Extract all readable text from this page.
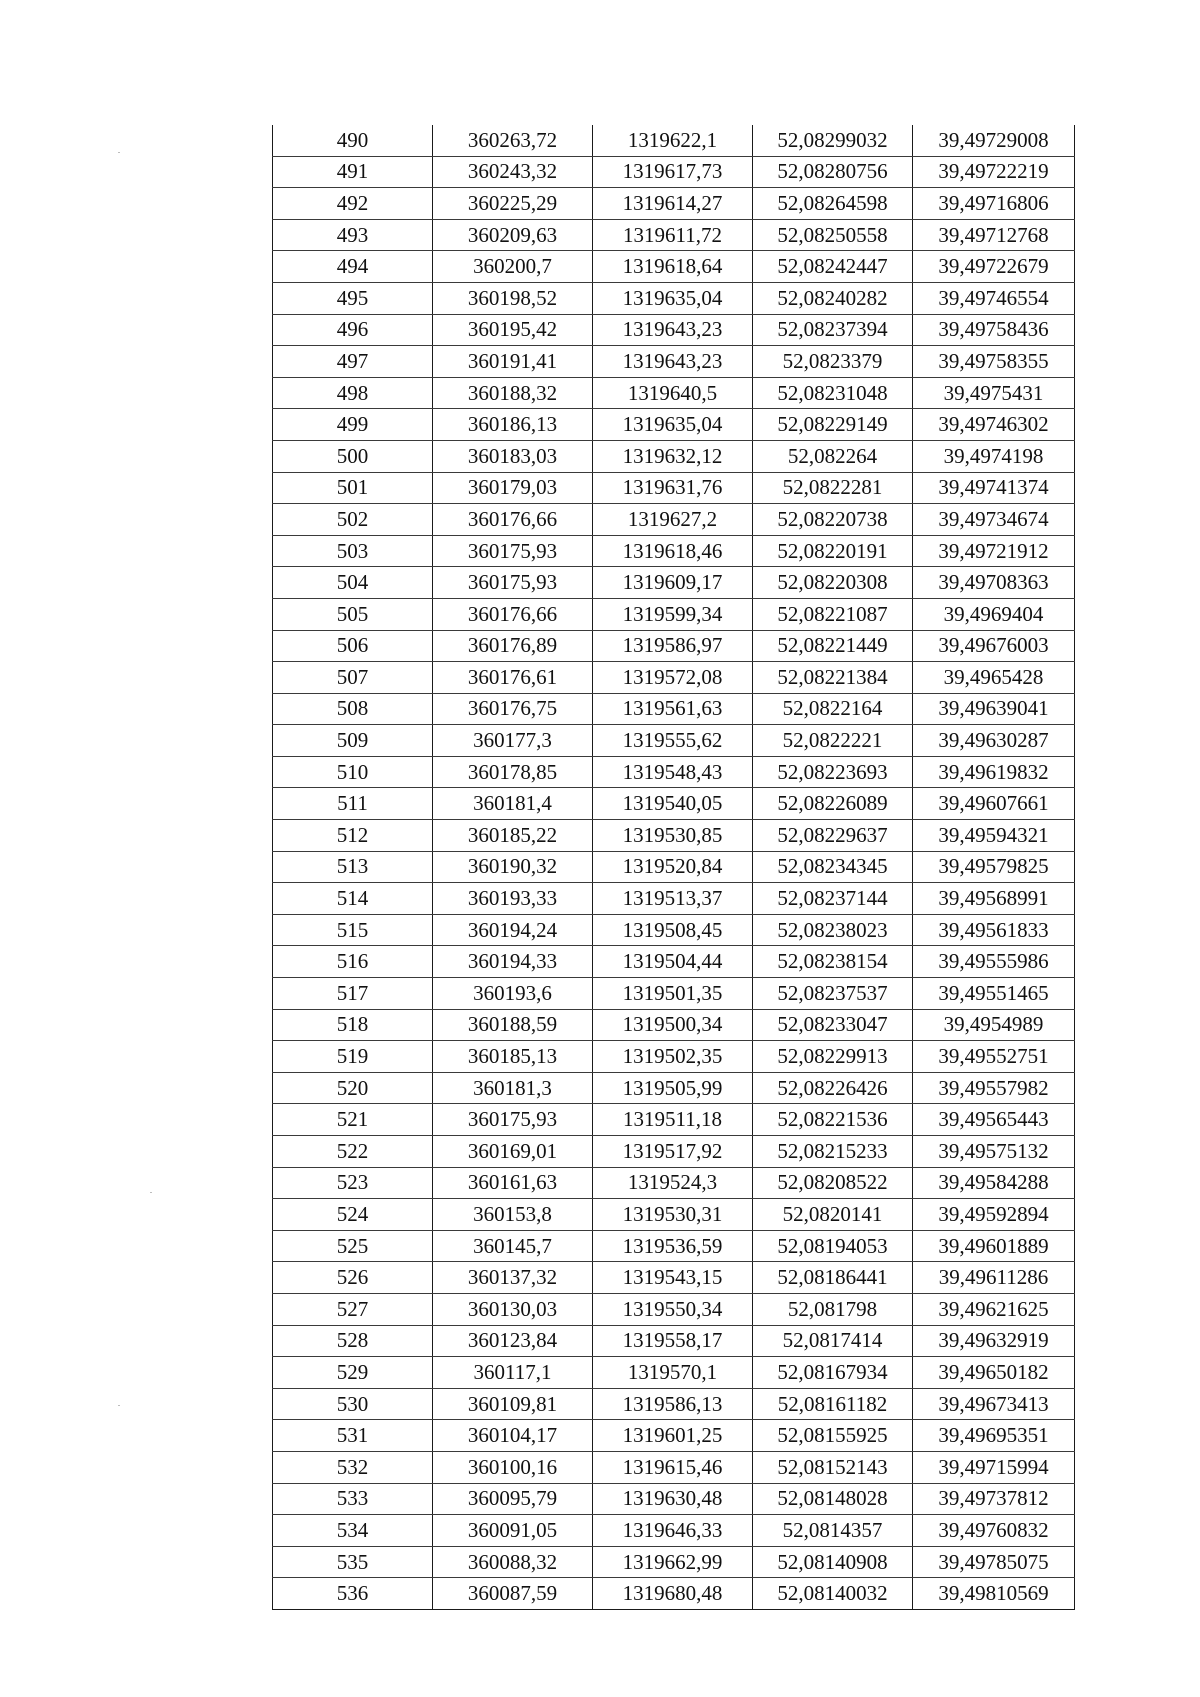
490	360263,72	1319622,1	52,08299032	39,49729008
491	360243,32	1319617,73	52,08280756	39,49722219
492	360225,29	1319614,27	52,08264598	39,49716806
493	360209,63	1319611,72	52,08250558	39,49712768
494	360200,7	1319618,64	52,08242447	39,49722679
495	360198,52	1319635,04	52,08240282	39,49746554
496	360195,42	1319643,23	52,08237394	39,49758436
497	360191,41	1319643,23	52,0823379	39,49758355
498	360188,32	1319640,5	52,08231048	39,4975431
499	360186,13	1319635,04	52,08229149	39,49746302
500	360183,03	1319632,12	52,082264	39,4974198
501	360179,03	1319631,76	52,0822281	39,49741374
502	360176,66	1319627,2	52,08220738	39,49734674
503	360175,93	1319618,46	52,08220191	39,49721912
504	360175,93	1319609,17	52,08220308	39,49708363
505	360176,66	1319599,34	52,08221087	39,4969404
506	360176,89	1319586,97	52,08221449	39,49676003
507	360176,61	1319572,08	52,08221384	39,4965428
508	360176,75	1319561,63	52,0822164	39,49639041
509	360177,3	1319555,62	52,0822221	39,49630287
510	360178,85	1319548,43	52,08223693	39,49619832
511	360181,4	1319540,05	52,08226089	39,49607661
512	360185,22	1319530,85	52,08229637	39,49594321
513	360190,32	1319520,84	52,08234345	39,49579825
514	360193,33	1319513,37	52,08237144	39,49568991
515	360194,24	1319508,45	52,08238023	39,49561833
516	360194,33	1319504,44	52,08238154	39,49555986
517	360193,6	1319501,35	52,08237537	39,49551465
518	360188,59	1319500,34	52,08233047	39,4954989
519	360185,13	1319502,35	52,08229913	39,49552751
520	360181,3	1319505,99	52,08226426	39,49557982
521	360175,93	1319511,18	52,08221536	39,49565443
522	360169,01	1319517,92	52,08215233	39,49575132
523	360161,63	1319524,3	52,08208522	39,49584288
524	360153,8	1319530,31	52,0820141	39,49592894
525	360145,7	1319536,59	52,08194053	39,49601889
526	360137,32	1319543,15	52,08186441	39,49611286
527	360130,03	1319550,34	52,081798	39,49621625
528	360123,84	1319558,17	52,0817414	39,49632919
529	360117,1	1319570,1	52,08167934	39,49650182
530	360109,81	1319586,13	52,08161182	39,49673413
531	360104,17	1319601,25	52,08155925	39,49695351
532	360100,16	1319615,46	52,08152143	39,49715994
533	360095,79	1319630,48	52,08148028	39,49737812
534	360091,05	1319646,33	52,0814357	39,49760832
535	360088,32	1319662,99	52,08140908	39,49785075
536	360087,59	1319680,48	52,08140032	39,49810569
